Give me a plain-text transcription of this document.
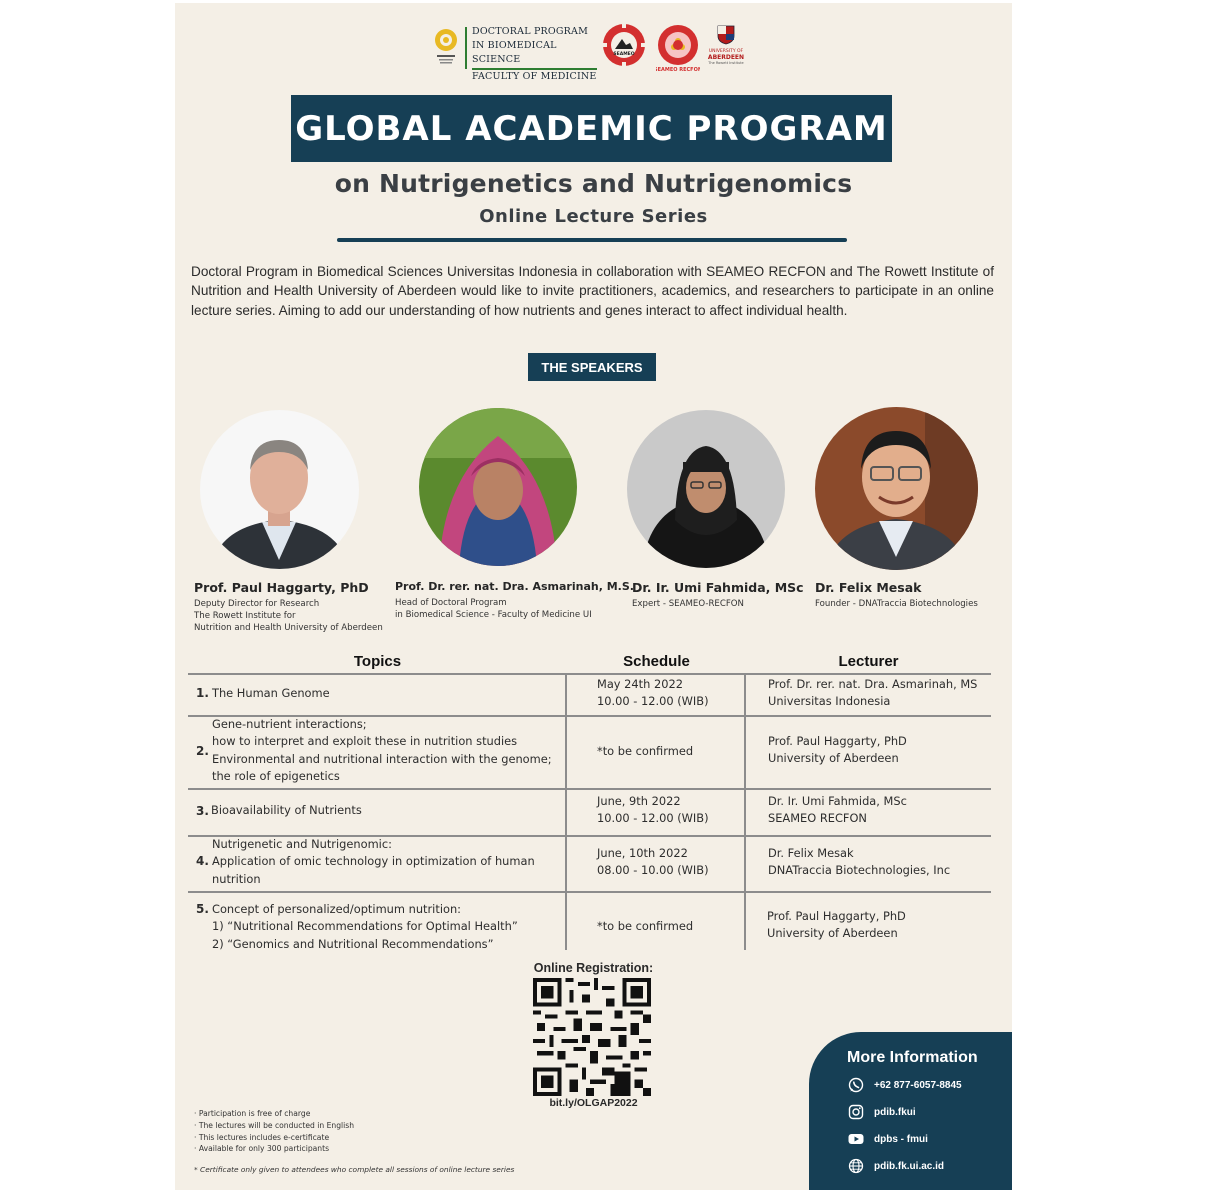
DOCTORAL PROGRAM
IN BIOMEDICAL SCIENCE
FACULTY OF MEDICINE
SEAMEO
SEAMEO RECFON
UNIVERSITY OF
ABERDEEN
The Rowett Institute
GLOBAL ACADEMIC PROGRAM
on Nutrigenetics and Nutrigenomics
Online Lecture Series
Doctoral Program in Biomedical Sciences Universitas Indonesia in collaboration with SEAMEO RECFON and The Rowett Institute of Nutrition and Health University of Aberdeen would like to invite practitioners, academics, and researchers to participate in an online lecture series. Aiming to add our understanding of how nutrients and genes interact to affect individual health.
THE SPEAKERS
Prof. Paul Haggarty, PhD
Deputy Director for Research
The Rowett Institute for
Nutrition and Health University of Aberdeen
Prof. Dr. rer. nat. Dra. Asmarinah, M.S.
Head of Doctoral Program
in Biomedical Science - Faculty of Medicine UI
Dr. Ir. Umi Fahmida, MSc
Expert - SEAMEO-RECFON
Dr. Felix Mesak
Founder - DNATraccia Biotechnologies
Topics	Schedule	Lecturer
1. The Human Genome
May 24th 2022
10.00 - 12.00 (WIB)
Prof. Dr. rer. nat. Dra. Asmarinah, MS
Universitas Indonesia
2.
Gene-nutrient interactions;
how to interpret and exploit these in nutrition studies
Environmental and nutritional interaction with the genome;
the role of epigenetics
*to be confirmed
Prof. Paul Haggarty, PhD
University of Aberdeen
3. Bioavailability of Nutrients
June, 9th 2022
10.00 - 12.00 (WIB)
Dr. Ir. Umi Fahmida, MSc
SEAMEO RECFON
4.
Nutrigenetic and Nutrigenomic:
Application of omic technology in optimization of human
nutrition
June, 10th 2022
08.00 - 10.00 (WIB)
Dr. Felix Mesak
DNATraccia Biotechnologies, Inc
5. Concept of personalized/optimum nutrition:
1) “Nutritional Recommendations for Optimal Health”
2) “Genomics and Nutritional Recommendations”
*to be confirmed
Prof. Paul Haggarty, PhD
University of Aberdeen
Online Registration:
bit.ly/OLGAP2022
· Participation is free of charge
· The lectures will be conducted in English
· This lectures includes e-certificate
· Available for only 300 participants
* Certificate only given to attendees who complete all sessions of online lecture series
More Information
+62 877-6057-8845
pdib.fkui
dpbs - fmui
pdib.fk.ui.ac.id
